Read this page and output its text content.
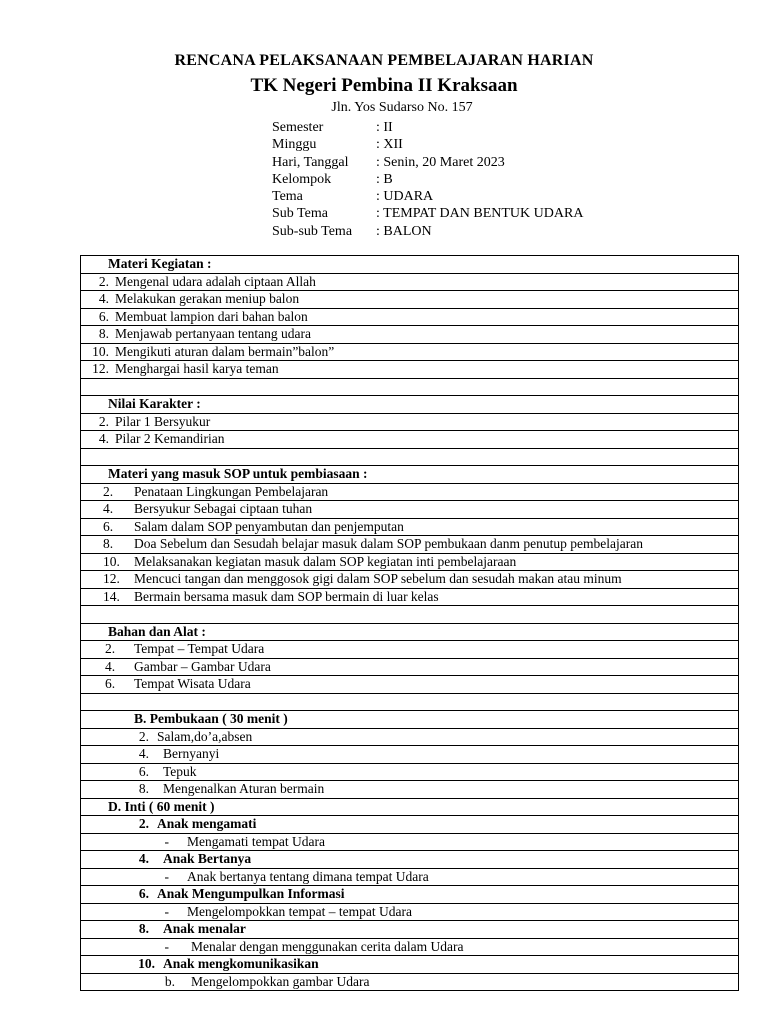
RENCANA PELAKSANAAN PEMBELAJARAN HARIAN
TK Negeri Pembina II Kraksaan
Jln. Yos Sudarso No. 157
Semester	: II
Minggu	: XII
Hari, Tanggal : Senin, 20 Maret 2023
Kelompok	: B
Tema	: UDARA
Sub Tema	: TEMPAT DAN BENTUK UDARA
Sub-sub Tema : BALON
Materi Kegiatan :
2. Mengenal udara adalah ciptaan Allah
4. Melakukan gerakan meniup balon
6. Membuat lampion dari bahan balon
8. Menjawab pertanyaan tentang udara
10. Mengikuti aturan dalam bermain”balon”
12. Menghargai hasil karya teman

Nilai Karakter :
2. Pilar 1 Bersyukur
4. Pilar 2 Kemandirian

Materi yang masuk SOP untuk pembiasaan :
2. Penataan Lingkungan Pembelajaran
4. Bersyukur Sebagai ciptaan tuhan
6. Salam dalam SOP penyambutan dan penjemputan
8. Doa Sebelum dan Sesudah belajar masuk dalam SOP pembukaan danm penutup pembelajaran
10. Melaksanakan kegiatan masuk dalam SOP kegiatan inti pembelajaraan
12. Mencuci tangan dan menggosok gigi dalam SOP sebelum dan sesudah makan atau minum
14. Bermain bersama masuk dam SOP bermain di luar kelas

Bahan dan Alat :
2. Tempat – Tempat Udara
4. Gambar – Gambar Udara
6. Tempat Wisata Udara

B. Pembukaan ( 30 menit )
2. Salam,do’a,absen
4. Bernyanyi
6. Tepuk
8. Mengenalkan Aturan bermain
D. Inti ( 60 menit )
2. Anak mengamati
- Mengamati tempat Udara
4. Anak Bertanya
- Anak bertanya tentang dimana tempat Udara
6. Anak Mengumpulkan Informasi
- Mengelompokkan tempat – tempat Udara
8. Anak menalar
- Menalar dengan menggunakan cerita dalam Udara
10. Anak mengkomunikasikan
b. Mengelompokkan gambar Udara
